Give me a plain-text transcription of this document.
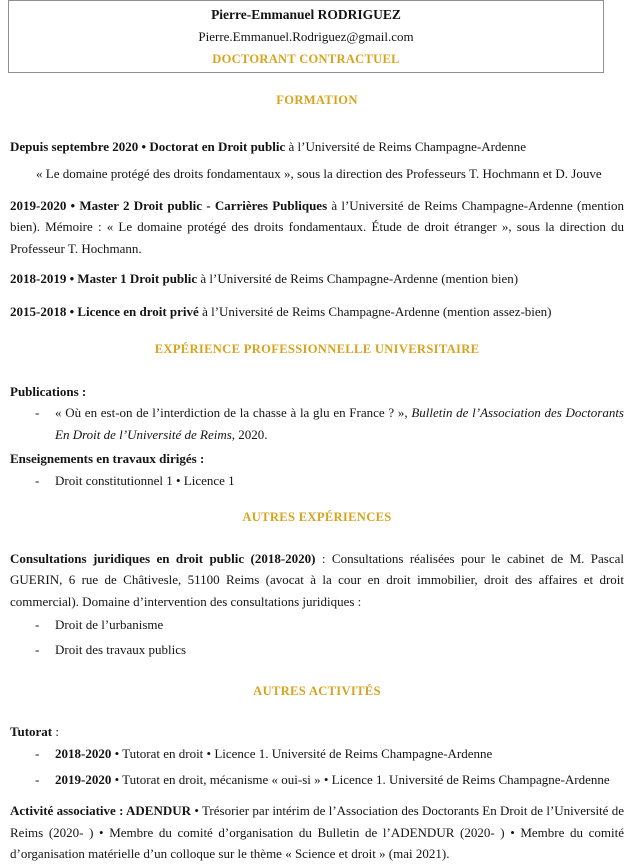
Pierre-Emmanuel RODRIGUEZ
Pierre.Emmanuel.Rodriguez@gmail.com
DOCTORANT CONTRACTUEL
FORMATION

Depuis septembre 2020 • Doctorat en Droit public à l’Université de Reims Champagne-Ardenne

« Le domaine protégé des droits fondamentaux », sous la direction des Professeurs T. Hochmann et D. Jouve

2019-2020 • Master 2 Droit public - Carrières Publiques à l’Université de Reims Champagne-Ardenne (mention bien). Mémoire : « Le domaine protégé des droits fondamentaux. Étude de droit étranger », sous la direction du Professeur T. Hochmann.

2018-2019 • Master 1 Droit public à l’Université de Reims Champagne-Ardenne (mention bien)

2015-2018 • Licence en droit privé à l’Université de Reims Champagne-Ardenne (mention assez-bien)

EXPÉRIENCE PROFESSIONNELLE UNIVERSITAIRE

Publications :

- « Où en est-on de l’interdiction de la chasse à la glu en France ? », Bulletin de l’Association des Doctorants En Droit de l’Université de Reims, 2020.

Enseignements en travaux dirigés :

- Droit constitutionnel 1 • Licence 1
AUTRES EXPÉRIENCES

Consultations juridiques en droit public (2018-2020) : Consultations réalisées pour le cabinet de M. Pascal GUERIN, 6 rue de Châtivesle, 51100 Reims (avocat à la cour en droit immobilier, droit des affaires et droit commercial). Domaine d’intervention des consultations juridiques :

- Droit de l’urbanisme
- Droit des travaux publics
AUTRES ACTIVITÉS

Tutorat :

- 2018-2020 • Tutorat en droit • Licence 1. Université de Reims Champagne-Ardenne
- 2019-2020 • Tutorat en droit, mécanisme « oui-si » • Licence 1. Université de Reims Champagne-Ardenne

Activité associative : ADENDUR • Trésorier par intérim de l’Association des Doctorants En Droit de l’Université de Reims (2020- ) • Membre du comité d’organisation du Bulletin de l’ADENDUR (2020- ) • Membre du comité d’organisation matérielle d’un colloque sur le thème « Science et droit » (mai 2021).
